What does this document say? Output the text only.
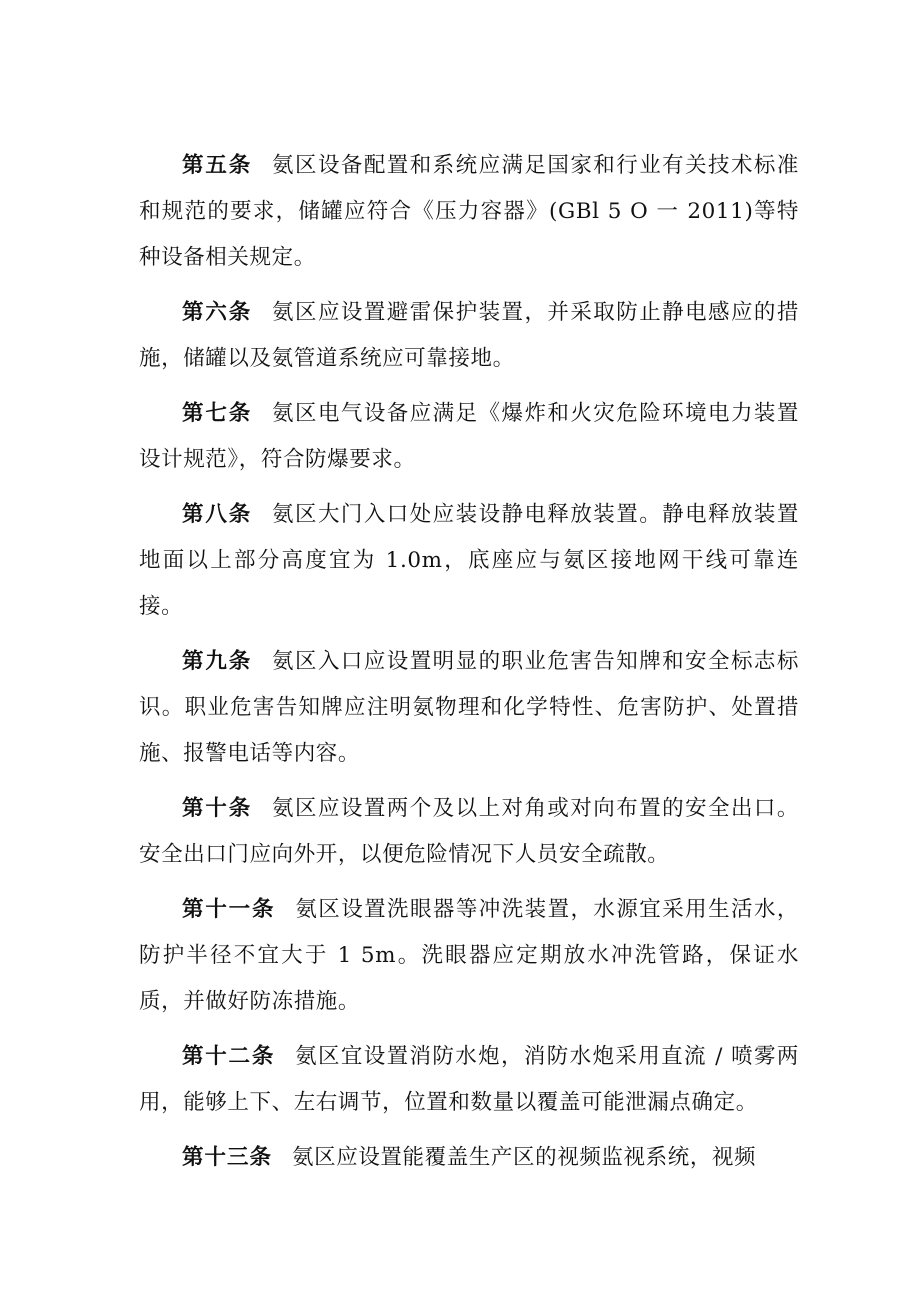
第五条 氨区设备配置和系统应满足国家和行业有关技术标准和规范的要求，储罐应符合《压力容器》(GBl 5 O 一 2011)等特种设备相关规定。

第六条 氨区应设置避雷保护装置，并采取防止静电感应的措施，储罐以及氨管道系统应可靠接地。

第七条 氨区电气设备应满足《爆炸和火灾危险环境电力装置设计规范》，符合防爆要求。

第八条 氨区大门入口处应装设静电释放装置。静电释放装置地面以上部分高度宜为 1.0m，底座应与氨区接地网干线可靠连接。

第九条 氨区入口应设置明显的职业危害告知牌和安全标志标识。职业危害告知牌应注明氨物理和化学特性、危害防护、处置措施、报警电话等内容。

第十条 氨区应设置两个及以上对角或对向布置的安全出口。安全出口门应向外开，以便危险情况下人员安全疏散。

第十一条 氨区设置洗眼器等冲洗装置，水源宜采用生活水，防护半径不宜大于 1 5m。洗眼器应定期放水冲洗管路，保证水质，并做好防冻措施。

第十二条 氨区宜设置消防水炮，消防水炮采用直流 / 喷雾两用，能够上下、左右调节，位置和数量以覆盖可能泄漏点确定。

第十三条 氨区应设置能覆盖生产区的视频监视系统，视频
